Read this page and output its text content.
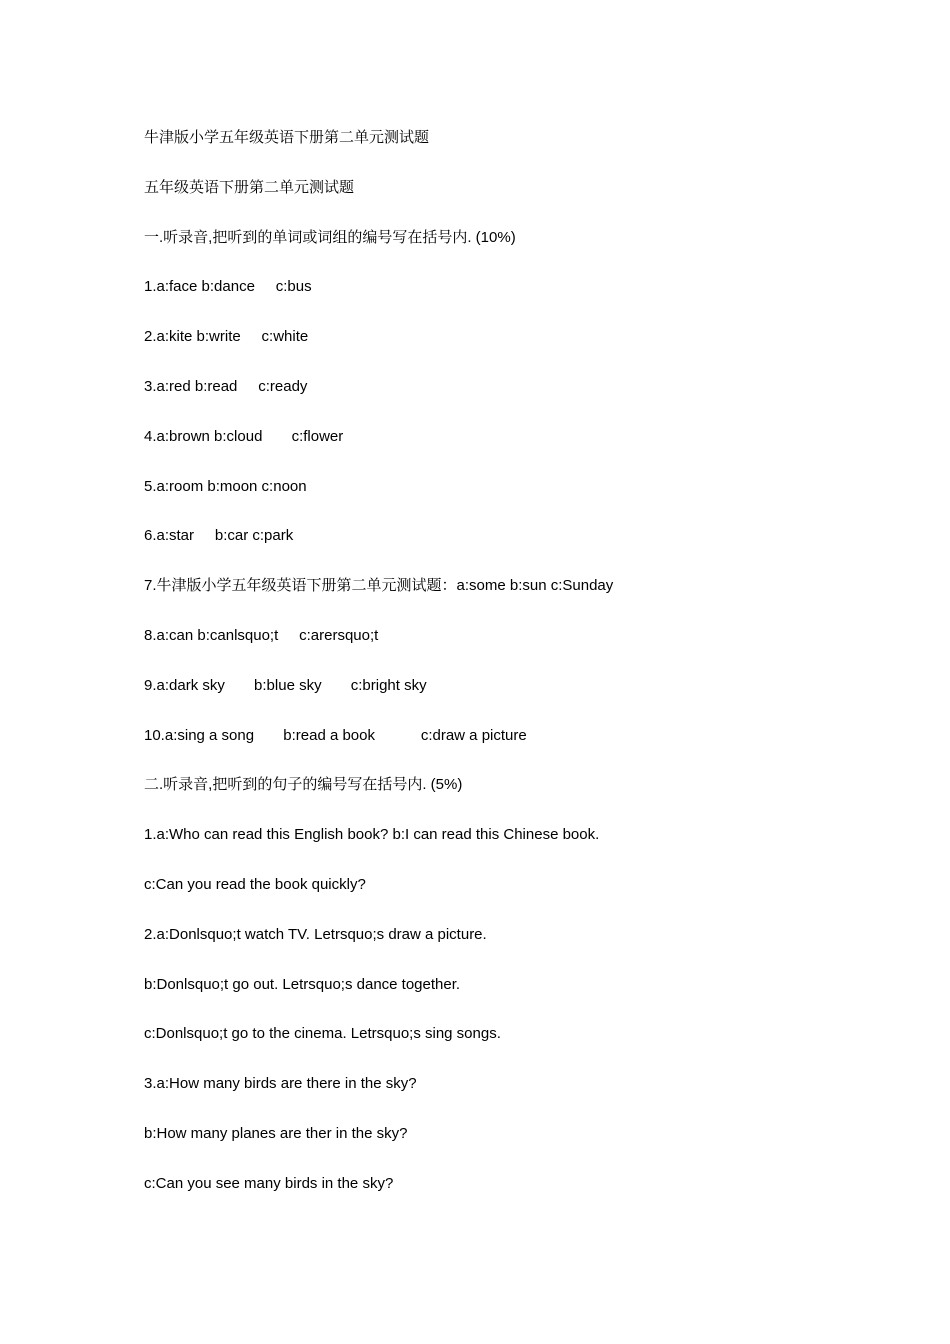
牛津版小学五年级英语下册第二单元测试题
五年级英语下册第二单元测试题
一.听录音,把听到的单词或词组的编号写在括号内. (10%)
1.a:face b:dance     c:bus
2.a:kite b:write     c:white
3.a:red b:read     c:ready
4.a:brown b:cloud       c:flower
5.a:room b:moon c:noon
6.a:star     b:car c:park
7.牛津版小学五年级英语下册第二单元测试题：a:some b:sun c:Sunday
8.a:can b:canlsquo;t     c:arersquo;t
9.a:dark sky       b:blue sky       c:bright sky
10.a:sing a song       b:read a book           c:draw a picture
二.听录音,把听到的句子的编号写在括号内. (5%)
1.a:Who can read this English book? b:I can read this Chinese book.
c:Can you read the book quickly?
2.a:Donlsquo;t watch TV. Letrsquo;s draw a picture.
b:Donlsquo;t go out. Letrsquo;s dance together.
c:Donlsquo;t go to the cinema. Letrsquo;s sing songs.
3.a:How many birds are there in the sky?
b:How many planes are ther in the sky?
c:Can you see many birds in the sky?
